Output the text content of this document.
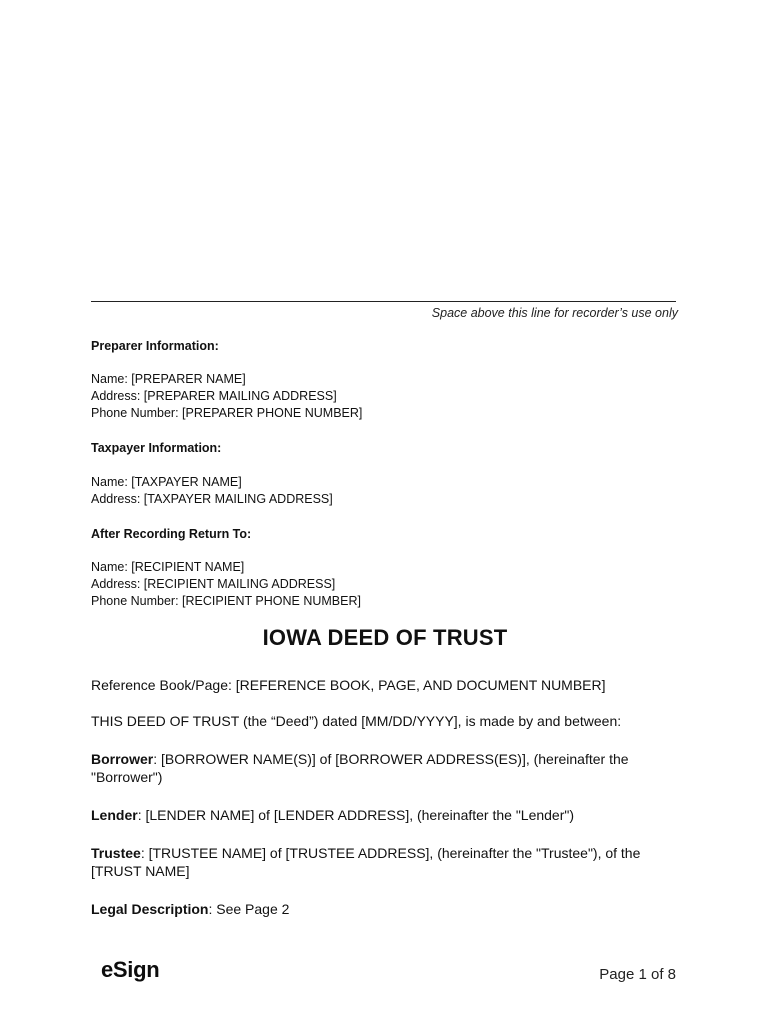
Space above this line for recorder’s use only
Preparer Information:
Name: [PREPARER NAME]
Address: [PREPARER MAILING ADDRESS]
Phone Number: [PREPARER PHONE NUMBER]
Taxpayer Information:
Name: [TAXPAYER NAME]
Address: [TAXPAYER MAILING ADDRESS]
After Recording Return To:
Name: [RECIPIENT NAME]
Address: [RECIPIENT MAILING ADDRESS]
Phone Number: [RECIPIENT PHONE NUMBER]
IOWA DEED OF TRUST
Reference Book/Page: [REFERENCE BOOK, PAGE, AND DOCUMENT NUMBER]
THIS DEED OF TRUST (the “Deed”) dated [MM/DD/YYYY], is made by and between:
Borrower: [BORROWER NAME(S)] of [BORROWER ADDRESS(ES)], (hereinafter the "Borrower")
Lender: [LENDER NAME] of [LENDER ADDRESS], (hereinafter the "Lender")
Trustee: [TRUSTEE NAME] of [TRUSTEE ADDRESS], (hereinafter the "Trustee"), of the [TRUST NAME]
Legal Description: See Page 2
eSign	Page 1 of 8
